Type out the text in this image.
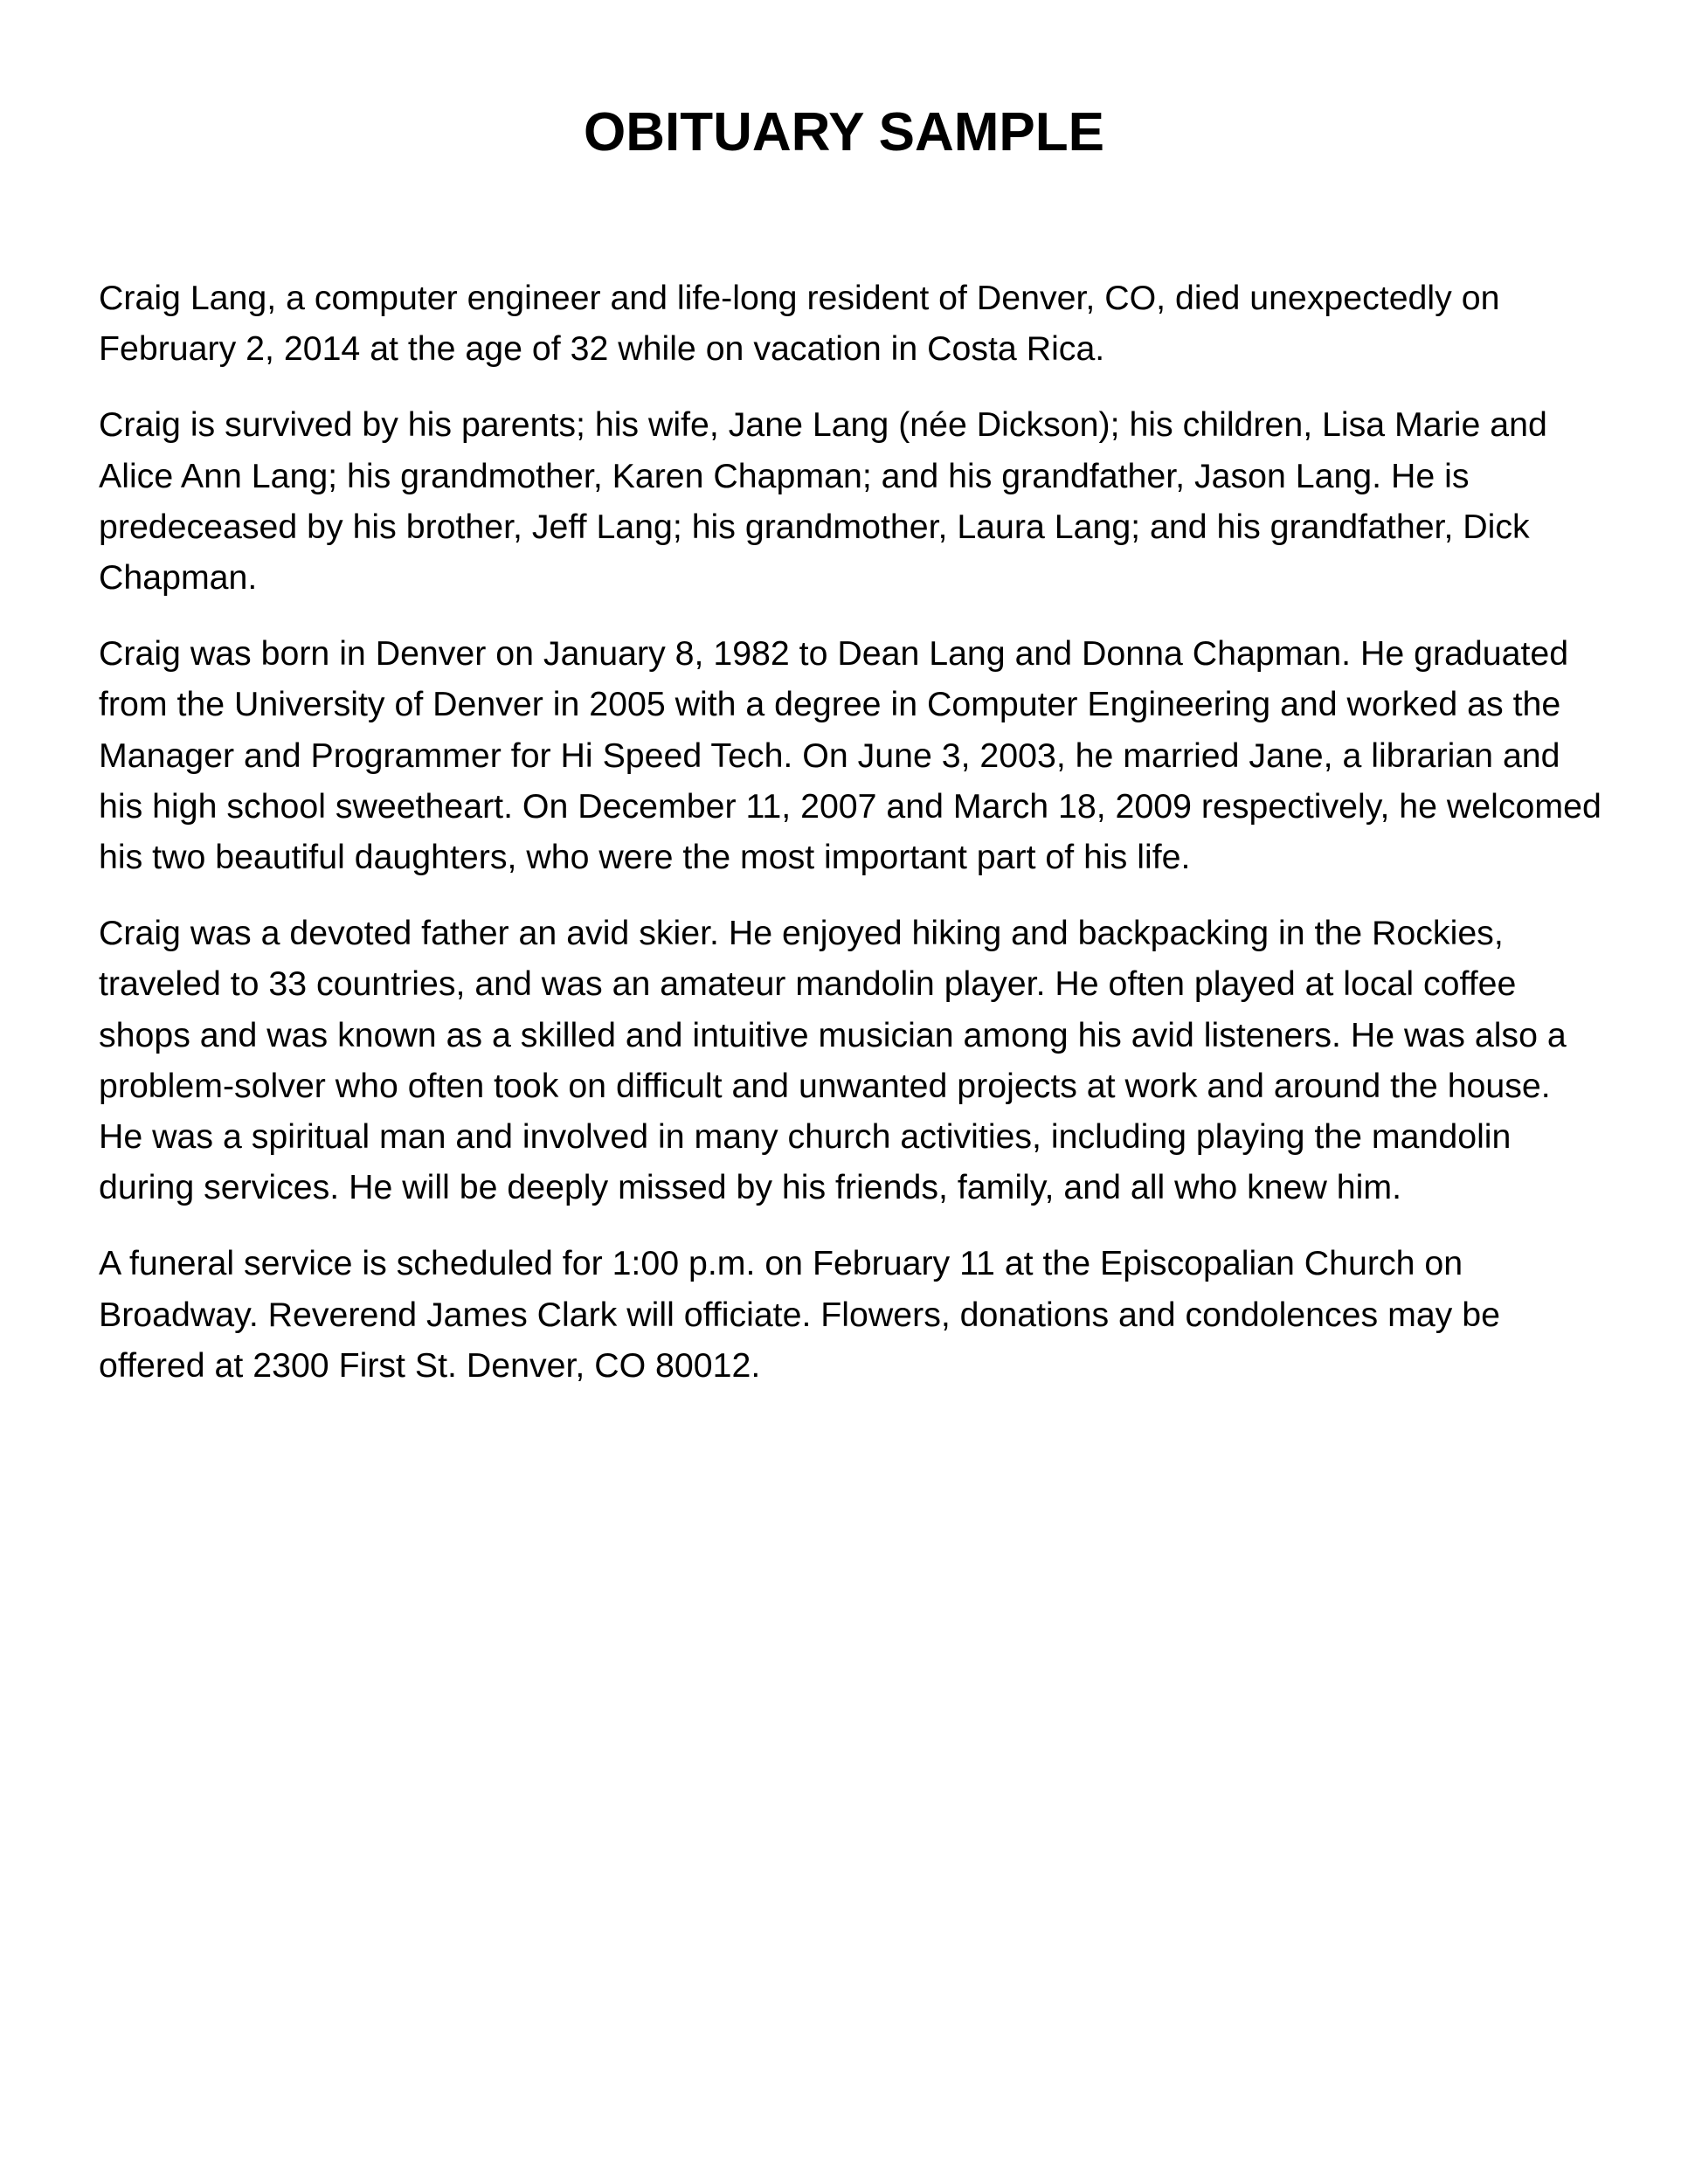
OBITUARY SAMPLE

Craig Lang, a computer engineer and life-long resident of Denver, CO, died unexpectedly on February 2, 2014 at the age of 32 while on vacation in Costa Rica.

Craig is survived by his parents; his wife, Jane Lang (née Dickson); his children, Lisa Marie and Alice Ann Lang; his grandmother, Karen Chapman; and his grandfather, Jason Lang. He is predeceased by his brother, Jeff Lang; his grandmother, Laura Lang; and his grandfather, Dick Chapman.

Craig was born in Denver on January 8, 1982 to Dean Lang and Donna Chapman. He graduated from the University of Denver in 2005 with a degree in Computer Engineering and worked as the Manager and Programmer for Hi Speed Tech. On June 3, 2003, he married Jane, a librarian and his high school sweetheart. On December 11, 2007 and March 18, 2009 respectively, he welcomed his two beautiful daughters, who were the most important part of his life.

Craig was a devoted father an avid skier. He enjoyed hiking and backpacking in the Rockies, traveled to 33 countries, and was an amateur mandolin player. He often played at local coffee shops and was known as a skilled and intuitive musician among his avid listeners. He was also a problem-solver who often took on difficult and unwanted projects at work and around the house. He was a spiritual man and involved in many church activities, including playing the mandolin during services. He will be deeply missed by his friends, family, and all who knew him.

A funeral service is scheduled for 1:00 p.m. on February 11 at the Episcopalian Church on Broadway. Reverend James Clark will officiate. Flowers, donations and condolences may be offered at 2300 First St. Denver, CO 80012.
